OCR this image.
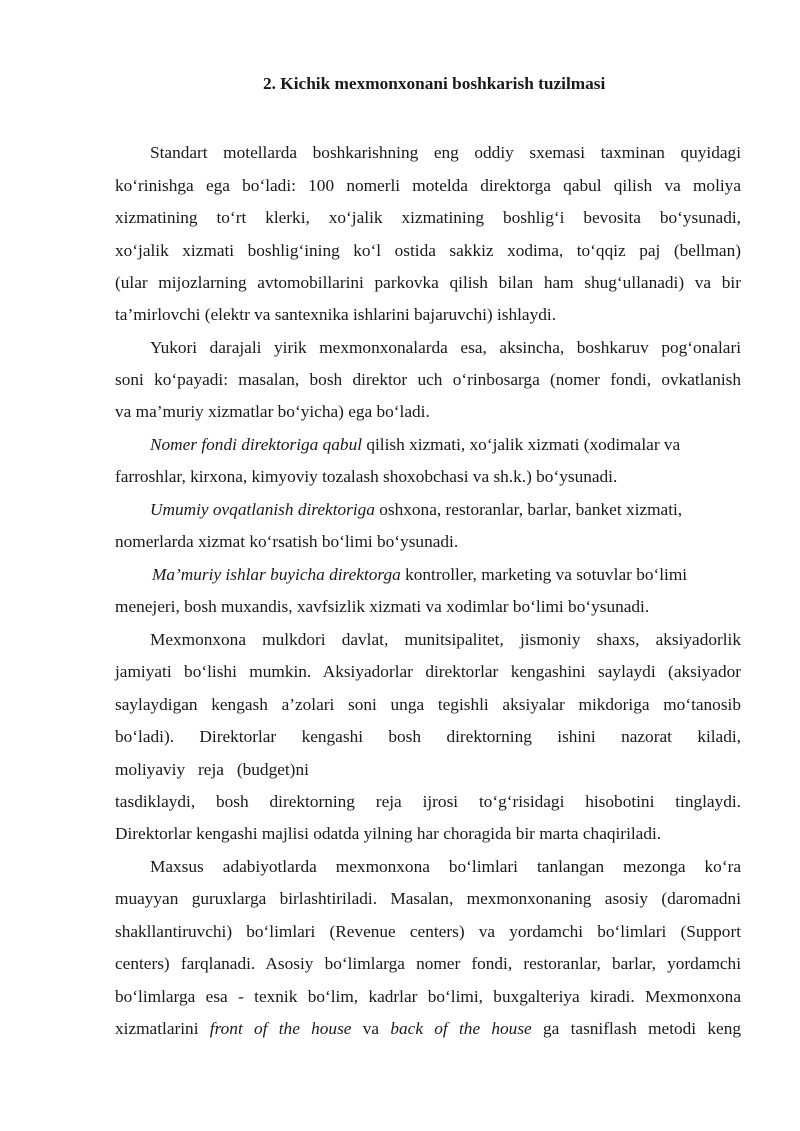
2. Kichik mexmonxonani boshkarish tuzilmasi
Standart motellarda boshkarishning eng oddiy sxemasi taxminan quyidagi
ko‘rinishga ega bo‘ladi: 100 nomerli motelda direktorga qabul qilish va moliya
xizmatining to‘rt klerki, xo‘jalik xizmatining boshlig‘i bevosita bo‘ysunadi,
xo‘jalik xizmati boshlig‘ining ko‘l ostida sakkiz xodima, to‘qqiz paj (bellman)
(ular mijozlarning avtomobillarini parkovka qilish bilan ham shug‘ullanadi) va bir
ta’mirlovchi (elektr va santexnika ishlarini bajaruvchi) ishlaydi.
Yukori darajali yirik mexmonxonalarda esa, aksincha, boshkaruv pog‘onalari
soni ko‘payadi: masalan, bosh direktor uch o‘rinbosarga (nomer fondi, ovkatlanish
va ma’muriy xizmatlar bo‘yicha) ega bo‘ladi.
Nomer fondi direktoriga qabul qilish xizmati, xo‘jalik xizmati (xodimalar va
farroshlar, kirxona, kimyoviy tozalash shoxobchasi va sh.k.) bo‘ysunadi.
Umumiy ovqatlanish direktoriga oshxona, restoranlar, barlar, banket xizmati,
nomerlarda xizmat ko‘rsatish bo‘limi bo‘ysunadi.
Ma’muriy ishlar buyicha direktorga kontroller, marketing va sotuvlar bo‘limi
menejeri, bosh muxandis, xavfsizlik xizmati va xodimlar bo‘limi bo‘ysunadi.
Mexmonxona mulkdori davlat, munitsipalitet, jismoniy shaxs, aksiyadorlik
jamiyati bo‘lishi mumkin. Aksiyadorlar direktorlar kengashini saylaydi (aksiyador
saylaydigan kengash a’zolari soni unga tegishli aksiyalar mikdoriga mo‘tanosib
bo‘ladi). Direktorlar kengashi bosh direktorning ishini nazorat kiladi,
moliyaviy   reja   (budget)ni
tasdiklaydi, bosh direktorning reja ijrosi to‘g‘risidagi hisobotini tinglaydi.
Direktorlar kengashi majlisi odatda yilning har choragida bir marta chaqiriladi.
Maxsus adabiyotlarda mexmonxona bo‘limlari tanlangan mezonga ko‘ra
muayyan guruxlarga birlashtiriladi. Masalan, mexmonxonaning asosiy (daromadni
shakllantiruvchi) bo‘limlari (Revenue centers) va yordamchi bo‘limlari (Support
centers) farqlanadi. Asosiy bo‘limlarga nomer fondi, restoranlar, barlar, yordamchi
bo‘limlarga esa - texnik bo‘lim, kadrlar bo‘limi, buxgalteriya kiradi. Mexmonxona
xizmatlarini front of the house va back of the house ga tasniflash metodi keng
